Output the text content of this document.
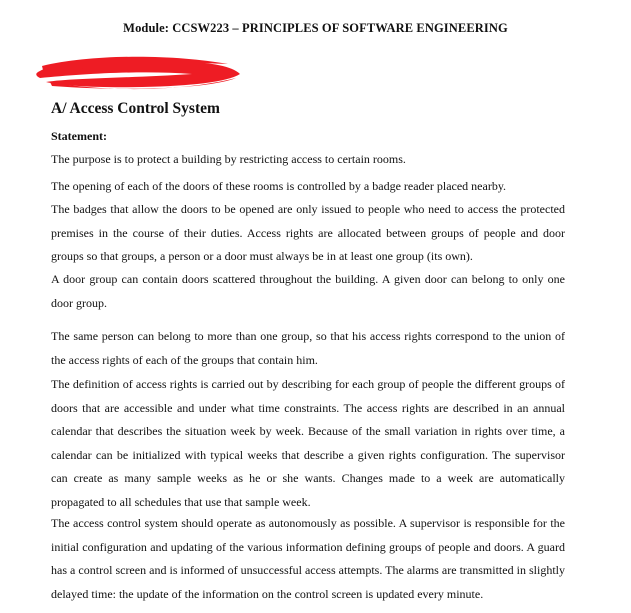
Module: CCSW223 – PRINCIPLES OF SOFTWARE ENGINEERING
A/ Access Control System
Statement:

The purpose is to protect a building by restricting access to certain rooms.

The opening of each of the doors of these rooms is controlled by a badge reader placed nearby.

The badges that allow the doors to be opened are only issued to people who need to access the protected premises in the course of their duties. Access rights are allocated between groups of people and door groups so that groups, a person or a door must always be in at least one group (its own).

A door group can contain doors scattered throughout the building. A given door can belong to only one door group.

The same person can belong to more than one group, so that his access rights correspond to the union of the access rights of each of the groups that contain him.

The definition of access rights is carried out by describing for each group of people the different groups of doors that are accessible and under what time constraints. The access rights are described in an annual calendar that describes the situation week by week. Because of the small variation in rights over time, a calendar can be initialized with typical weeks that describe a given rights configuration. The supervisor can create as many sample weeks as he or she wants. Changes made to a week are automatically propagated to all schedules that use that sample week.

The access control system should operate as autonomously as possible. A supervisor is responsible for the initial configuration and updating of the various information defining groups of people and doors. A guard has a control screen and is informed of unsuccessful access attempts. The alarms are transmitted in slightly delayed time: the update of the information on the control screen is updated every minute.
